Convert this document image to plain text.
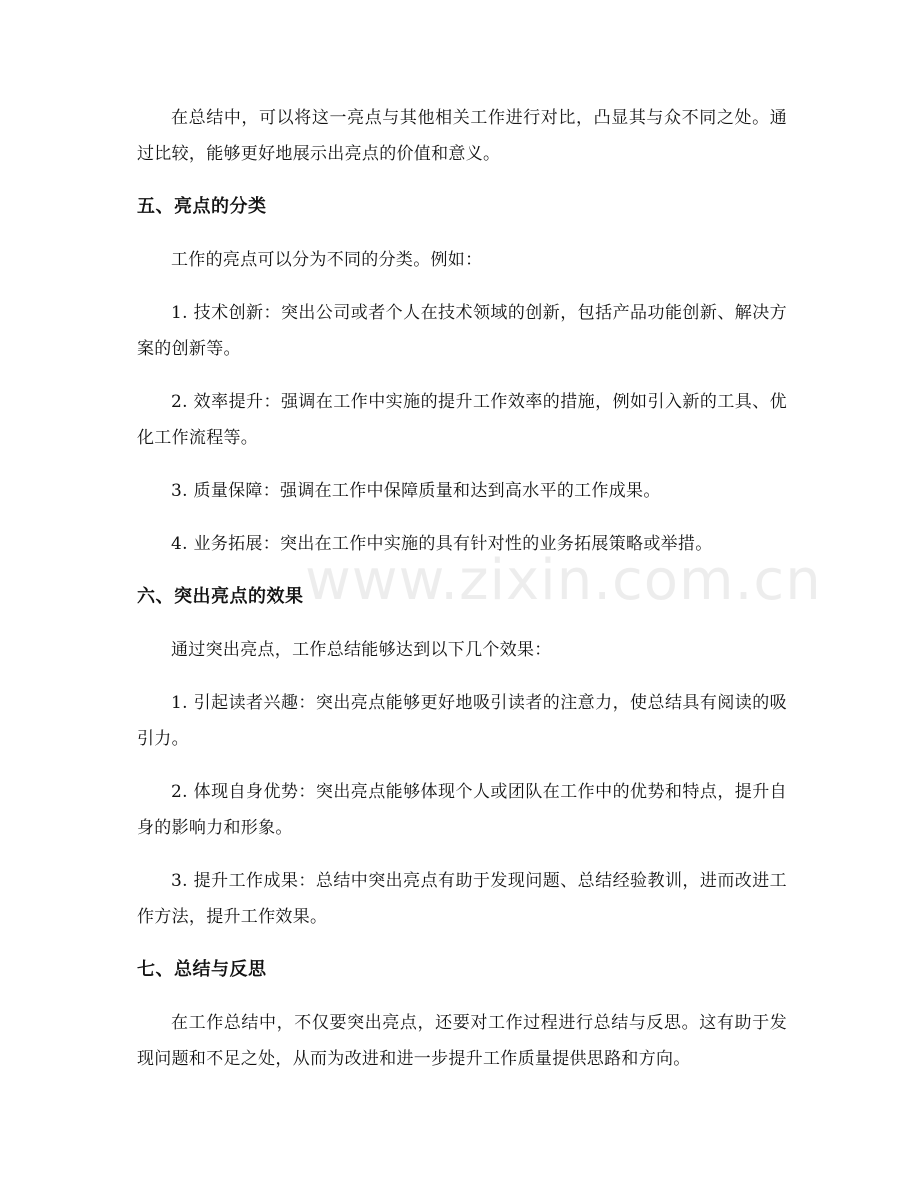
在总结中，可以将这一亮点与其他相关工作进行对比，凸显其与众不同之处。通过比较，能够更好地展示出亮点的价值和意义。

五、亮点的分类

工作的亮点可以分为不同的分类。例如：

1. 技术创新：突出公司或者个人在技术领域的创新，包括产品功能创新、解决方案的创新等。

2. 效率提升：强调在工作中实施的提升工作效率的措施，例如引入新的工具、优化工作流程等。

3. 质量保障：强调在工作中保障质量和达到高水平的工作成果。

4. 业务拓展：突出在工作中实施的具有针对性的业务拓展策略或举措。

六、突出亮点的效果

通过突出亮点，工作总结能够达到以下几个效果：

1. 引起读者兴趣：突出亮点能够更好地吸引读者的注意力，使总结具有阅读的吸引力。

2. 体现自身优势：突出亮点能够体现个人或团队在工作中的优势和特点，提升自身的影响力和形象。

3. 提升工作成果：总结中突出亮点有助于发现问题、总结经验教训，进而改进工作方法，提升工作效果。

七、总结与反思

在工作总结中，不仅要突出亮点，还要对工作过程进行总结与反思。这有助于发现问题和不足之处，从而为改进和进一步提升工作质量提供思路和方向。

www.zixin.com.cn
